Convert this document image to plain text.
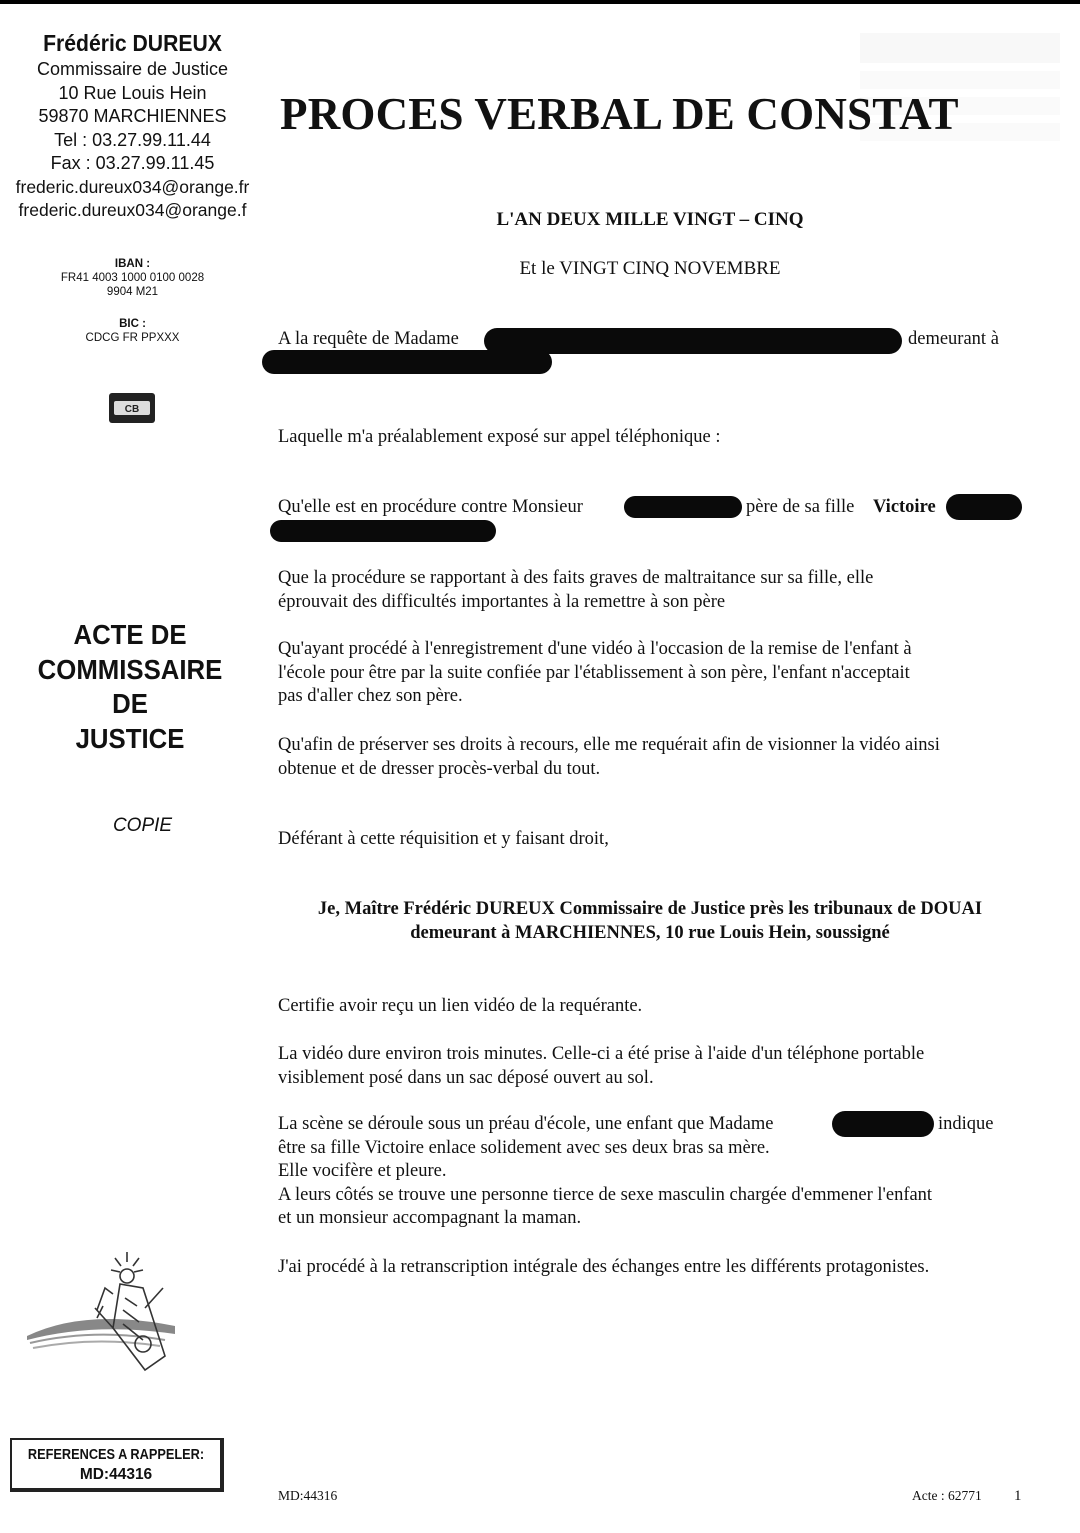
Frédéric DUREUX
Commissaire de Justice
10 Rue Louis Hein
59870 MARCHIENNES
Tel : 03.27.99.11.44
Fax : 03.27.99.11.45
frederic.dureux034@orange.fr
frederic.dureux034@orange.f
IBAN :
FR41 4003 1000 0100 0028
9904 M21
BIC :
CDCG FR PPXXX
CB
ACTE DE
COMMISSAIRE
DE
JUSTICE
COPIE
REFERENCES A RAPPELER:
MD:44316
PROCES VERBAL DE CONSTAT
L'AN DEUX MILLE VINGT – CINQ
Et le VINGT CINQ NOVEMBRE
A la requête de Madame	demeurant à
Laquelle m'a préalablement exposé sur appel téléphonique :
Qu'elle est en procédure contre Monsieur	père de sa fille Victoire
Que la procédure se rapportant à des faits graves de maltraitance sur sa fille, elle
éprouvait des difficultés importantes à la remettre à son père
Qu'ayant procédé à l'enregistrement d'une vidéo à l'occasion de la remise de l'enfant à
l'école pour être par la suite confiée par l'établissement à son père, l'enfant n'acceptait
pas d'aller chez son père.
Qu'afin de préserver ses droits à recours, elle me requérait afin de visionner la vidéo ainsi
obtenue et de dresser procès-verbal du tout.
Déférant à cette réquisition et y faisant droit,
Je, Maître Frédéric DUREUX Commissaire de Justice près les tribunaux de DOUAI
demeurant à MARCHIENNES, 10 rue Louis Hein, soussigné
Certifie avoir reçu un lien vidéo de la requérante.
La vidéo dure environ trois minutes. Celle-ci a été prise à l'aide d'un téléphone portable
visiblement posé dans un sac déposé ouvert au sol.
La scène se déroule sous un préau d'école, une enfant que Madame	indique
être sa fille Victoire enlace solidement avec ses deux bras sa mère.
Elle vocifère et pleure.
A leurs côtés se trouve une personne tierce de sexe masculin chargée d'emmener l'enfant
et un monsieur accompagnant la maman.
J'ai procédé à la retranscription intégrale des échanges entre les différents protagonistes.
MD:44316	Acte : 62771 1
